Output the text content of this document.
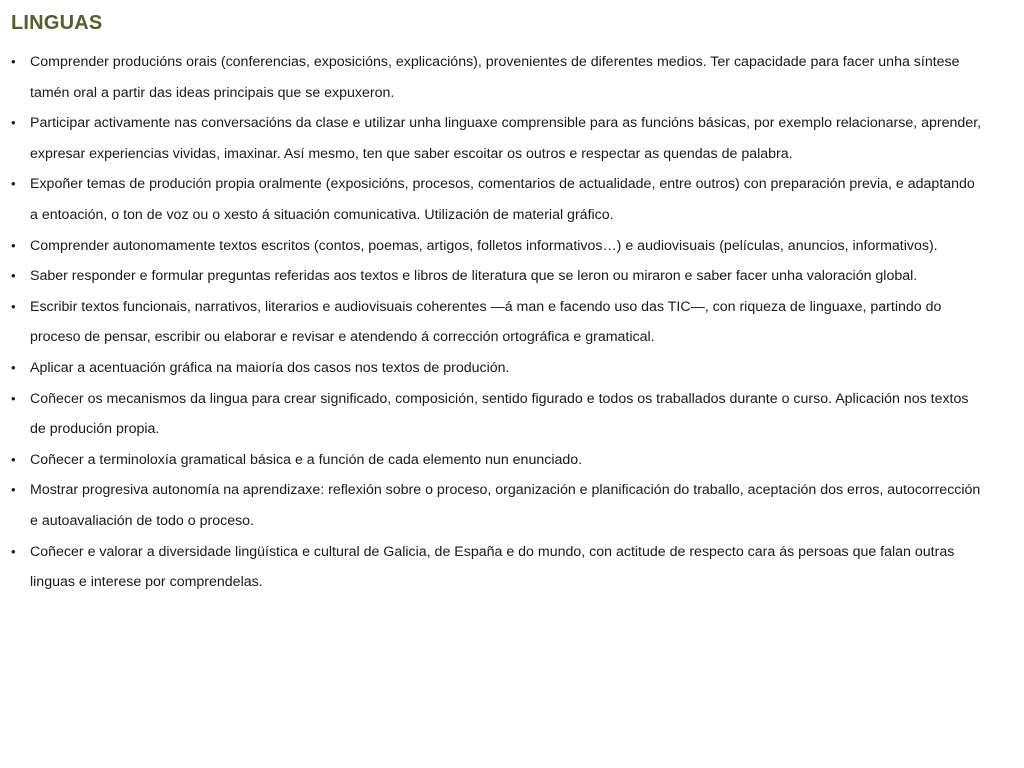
LINGUAS
•	Comprender producións orais (conferencias, exposicións, explicacións), provenientes de diferentes medios. Ter capacidade para facer unha síntese tamén oral a partir das ideas principais que se expuxeron.
•	Participar activamente nas conversacións da clase e utilizar unha linguaxe comprensible para as funcións básicas, por exemplo relacionarse, aprender, expresar experiencias vividas, imaxinar. Así mesmo, ten que saber escoitar os outros e respectar as quendas de palabra.
•	Expoñer temas de produción propia oralmente (exposicións, procesos, comentarios de actualidade, entre outros) con preparación previa, e adaptando a entoación, o ton de voz ou o xesto á situación comunicativa. Utilización de material gráfico.
•	Comprender autonomamente textos escritos (contos, poemas, artigos, folletos informativos…) e audiovisuais (películas, anuncios, informativos).
•	Saber responder e formular preguntas referidas aos textos e libros de literatura que se leron ou miraron e saber facer unha valoración global.
•	Escribir textos funcionais, narrativos, literarios e audiovisuais coherentes —á man e facendo uso das TIC—, con riqueza de linguaxe, partindo do proceso de pensar, escribir ou elaborar e revisar e atendendo á corrección ortográfica e gramatical.
•	Aplicar a acentuación gráfica na maioría dos casos nos textos de produción.
•	Coñecer os mecanismos da lingua para crear significado, composición, sentido figurado e todos os traballados durante o curso. Aplicación nos textos de produción propia.
•	Coñecer a terminoloxía gramatical básica e a función de cada elemento nun enunciado.
•	Mostrar progresiva autonomía na aprendizaxe: reflexión sobre o proceso, organización e planificación do traballo, aceptación dos erros, autocorrección e autoavaliación de todo o proceso.
•	Coñecer e valorar a diversidade lingüística e cultural de Galicia, de España e do mundo, con actitude de respecto cara ás persoas que falan outras linguas e interese por comprendelas.
